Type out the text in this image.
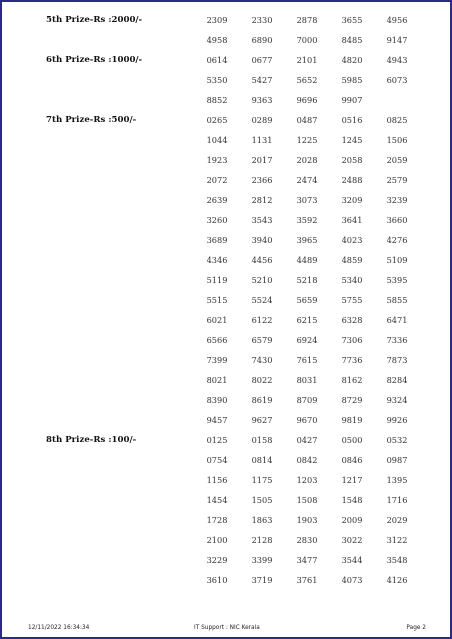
5th Prize-Rs :2000/-	2309	2330	2878	3655	4956
4958	6890	7000	8485	9147
6th Prize-Rs :1000/-	0614	0677	2101	4820	4943
5350	5427	5652	5985	6073
8852	9363	9696	9907
7th Prize-Rs :500/-	0265	0289	0487	0516	0825
1044	1131	1225	1245	1506
1923	2017	2028	2058	2059
2072	2366	2474	2488	2579
2639	2812	3073	3209	3239
3260	3543	3592	3641	3660
3689	3940	3965	4023	4276
4346	4456	4489	4859	5109
5119	5210	5218	5340	5395
5515	5524	5659	5755	5855
6021	6122	6215	6328	6471
6566	6579	6924	7306	7336
7399	7430	7615	7736	7873
8021	8022	8031	8162	8284
8390	8619	8709	8729	9324
9457	9627	9670	9819	9926
8th Prize-Rs :100/-	0125	0158	0427	0500	0532
0754	0814	0842	0846	0987
1156	1175	1203	1217	1395
1454	1505	1508	1548	1716
1728	1863	1903	2009	2029
2100	2128	2830	3022	3122
3229	3399	3477	3544	3548
3610	3719	3761	4073	4126
12/11/2022 16:34:34	IT Support : NIC Kerala	Page 2
